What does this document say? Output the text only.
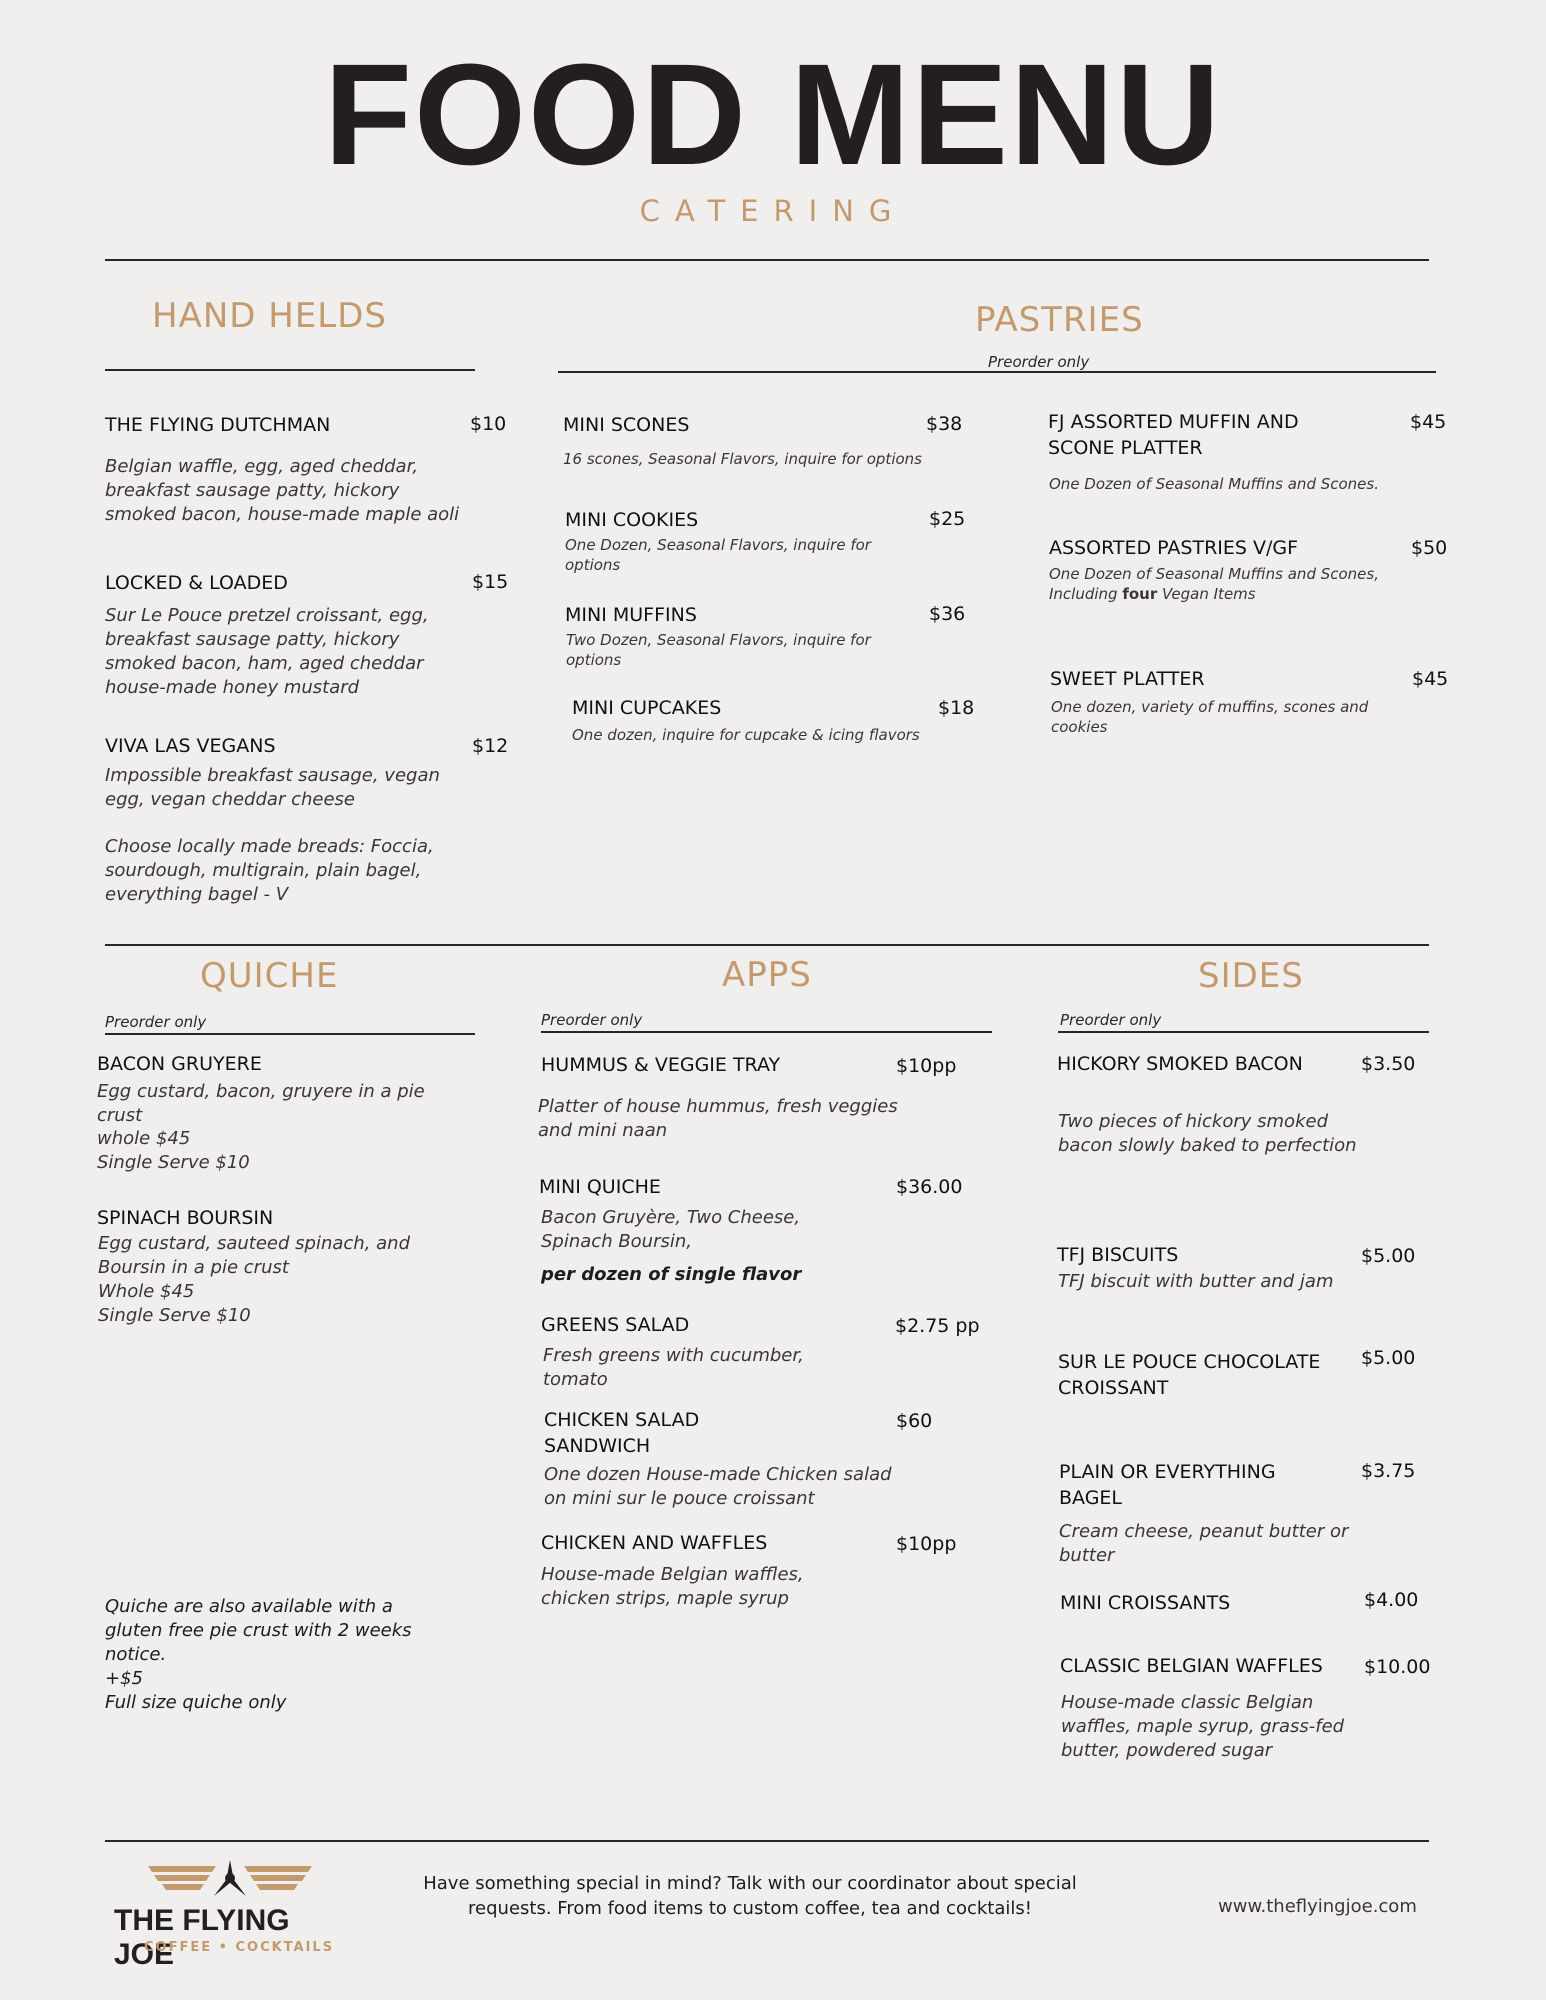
FOOD MENU
CATERING
HAND HELDS
THE FLYING DUTCHMAN	$10
Belgian waffle, egg, aged cheddar, breakfast sausage patty, hickory smoked bacon, house-made maple aoli
LOCKED & LOADED	$15
Sur Le Pouce pretzel croissant, egg, breakfast sausage patty, hickory smoked bacon, ham, aged cheddar house-made honey mustard
VIVA LAS VEGANS	$12
Impossible breakfast sausage, vegan egg, vegan cheddar cheese
Choose locally made breads: Foccia, sourdough, multigrain, plain bagel, everything bagel - V
PASTRIES
Preorder only
MINI SCONES	$38
16 scones, Seasonal Flavors, inquire for options
MINI COOKIES	$25
One Dozen, Seasonal Flavors, inquire for options
MINI MUFFINS	$36
Two Dozen, Seasonal Flavors, inquire for options
MINI CUPCAKES	$18
One dozen, inquire for cupcake & icing flavors
FJ ASSORTED MUFFIN AND SCONE PLATTER
$45
One Dozen of Seasonal Muffins and Scones.
ASSORTED PASTRIES V/GF	$50
One Dozen of Seasonal Muffins and Scones, Including four Vegan Items
SWEET PLATTER	$45
One dozen, variety of muffins, scones and cookies
QUICHE
Preorder only
BACON GRUYERE
Egg custard, bacon, gruyere in a pie crust
whole $45
Single Serve $10
SPINACH BOURSIN
Egg custard, sauteed spinach, and Boursin in a pie crust
Whole $45
Single Serve $10
Quiche are also available with a gluten free pie crust with 2 weeks notice.
+$5
Full size quiche only
APPS
Preorder only
HUMMUS & VEGGIE TRAY	$10pp
Platter of house hummus, fresh veggies and mini naan
MINI QUICHE	$36.00
Bacon Gruyère, Two Cheese, Spinach Boursin,
per dozen of single flavor
GREENS SALAD	$2.75 pp
Fresh greens with cucumber, tomato
CHICKEN SALAD SANDWICH
$60
One dozen House-made Chicken salad on mini sur le pouce croissant
CHICKEN AND WAFFLES	$10pp
House-made Belgian waffles, chicken strips, maple syrup
SIDES
Preorder only
HICKORY SMOKED BACON	$3.50
Two pieces of hickory smoked bacon slowly baked to perfection
TFJ BISCUITS	$5.00
TFJ biscuit with butter and jam
SUR LE POUCE CHOCOLATE CROISSANT
$5.00
PLAIN OR EVERYTHING BAGEL
$3.75
Cream cheese, peanut butter or butter
MINI CROISSANTS	$4.00
CLASSIC BELGIAN WAFFLES $10.00
House-made classic Belgian waffles, maple syrup, grass-fed butter, powdered sugar
THE FLYING JOE
COFFEE • COCKTAILS
Have something special in mind? Talk with our coordinator about special requests. From food items to custom coffee, tea and cocktails!	www.theflyingjoe.com
